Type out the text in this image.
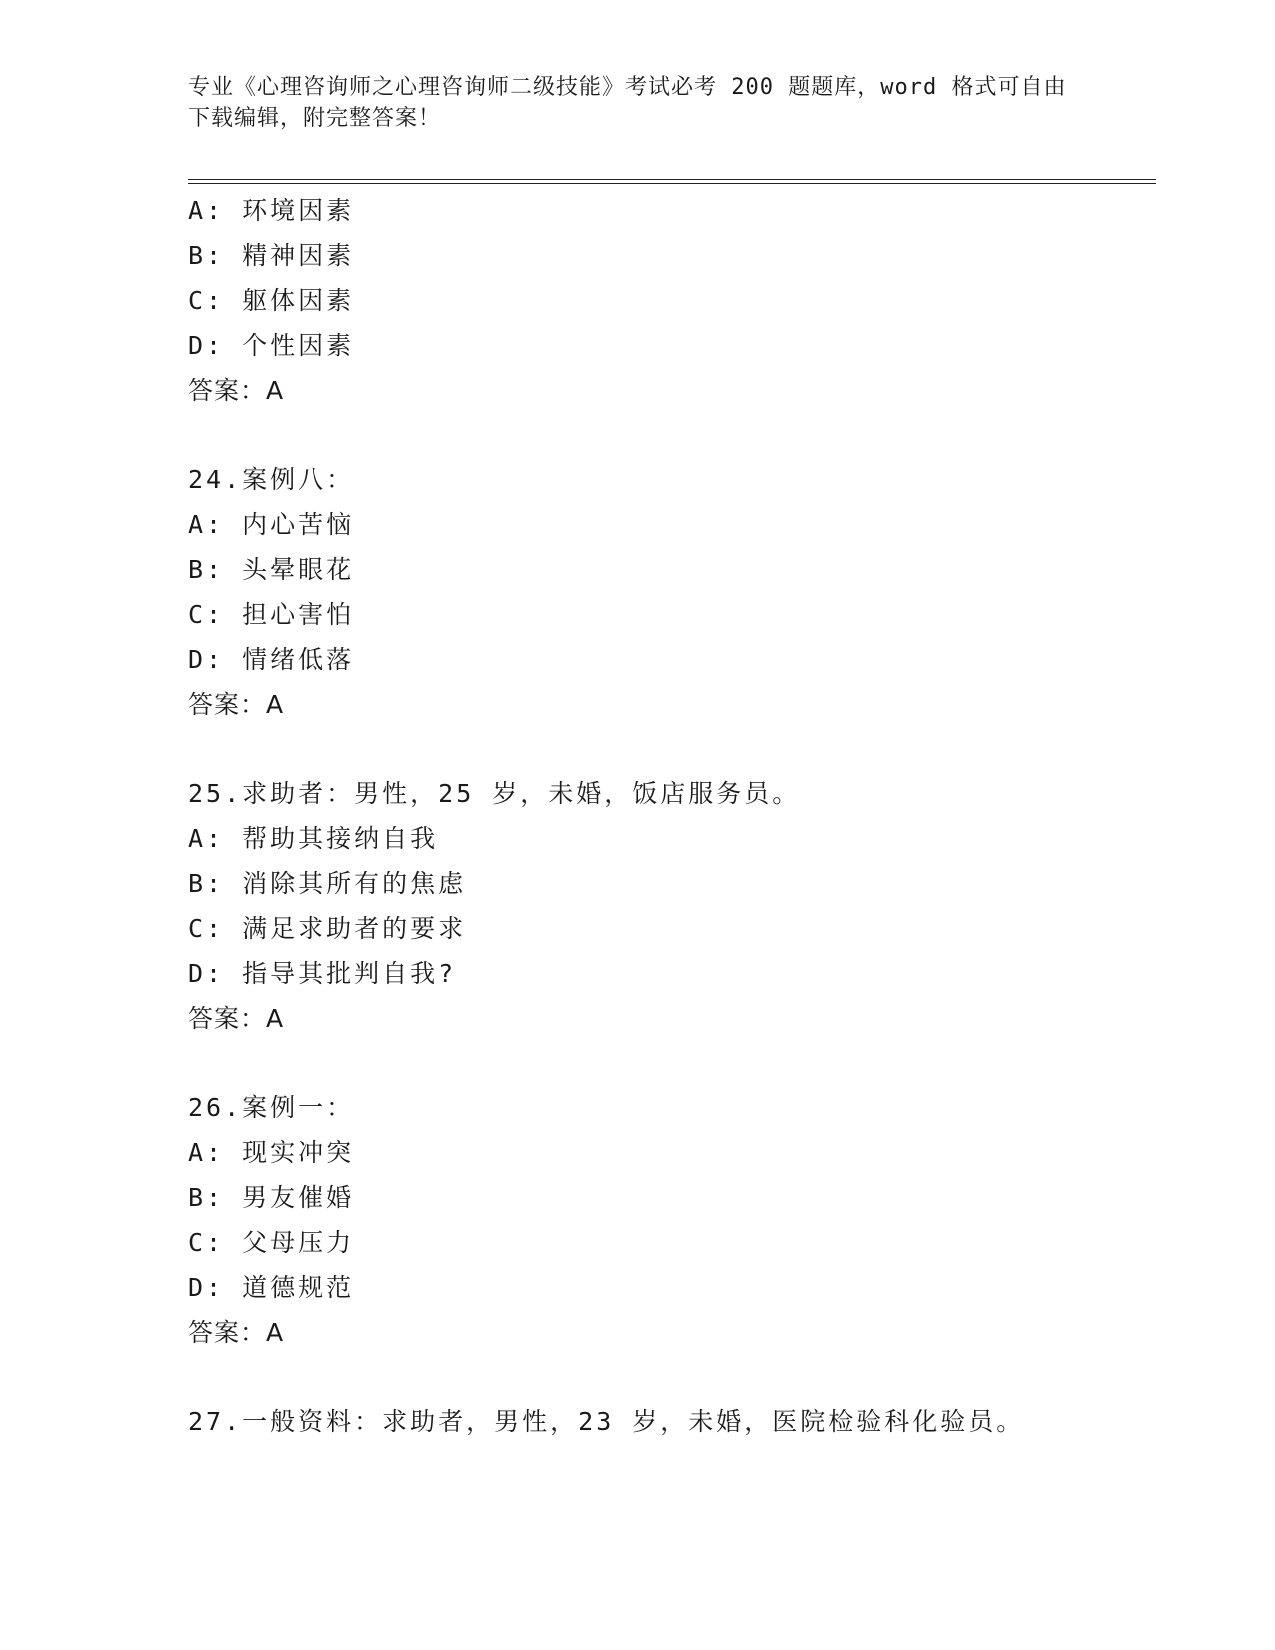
专业《心理咨询师之心理咨询师二级技能》考试必考 200 题题库，word 格式可自由下载编辑，附完整答案！
A: 环境因素
B: 精神因素
C: 躯体因素
D: 个性因素
答案：A
24.案例八：
A: 内心苦恼
B: 头晕眼花
C: 担心害怕
D: 情绪低落
答案：A
25.求助者：男性，25 岁，未婚，饭店服务员。
A: 帮助其接纳自我
B: 消除其所有的焦虑
C: 满足求助者的要求
D: 指导其批判自我?
答案：A
26.案例一：
A: 现实冲突
B: 男友催婚
C: 父母压力
D: 道德规范
答案：A
27.一般资料：求助者，男性，23 岁，未婚，医院检验科化验员。
